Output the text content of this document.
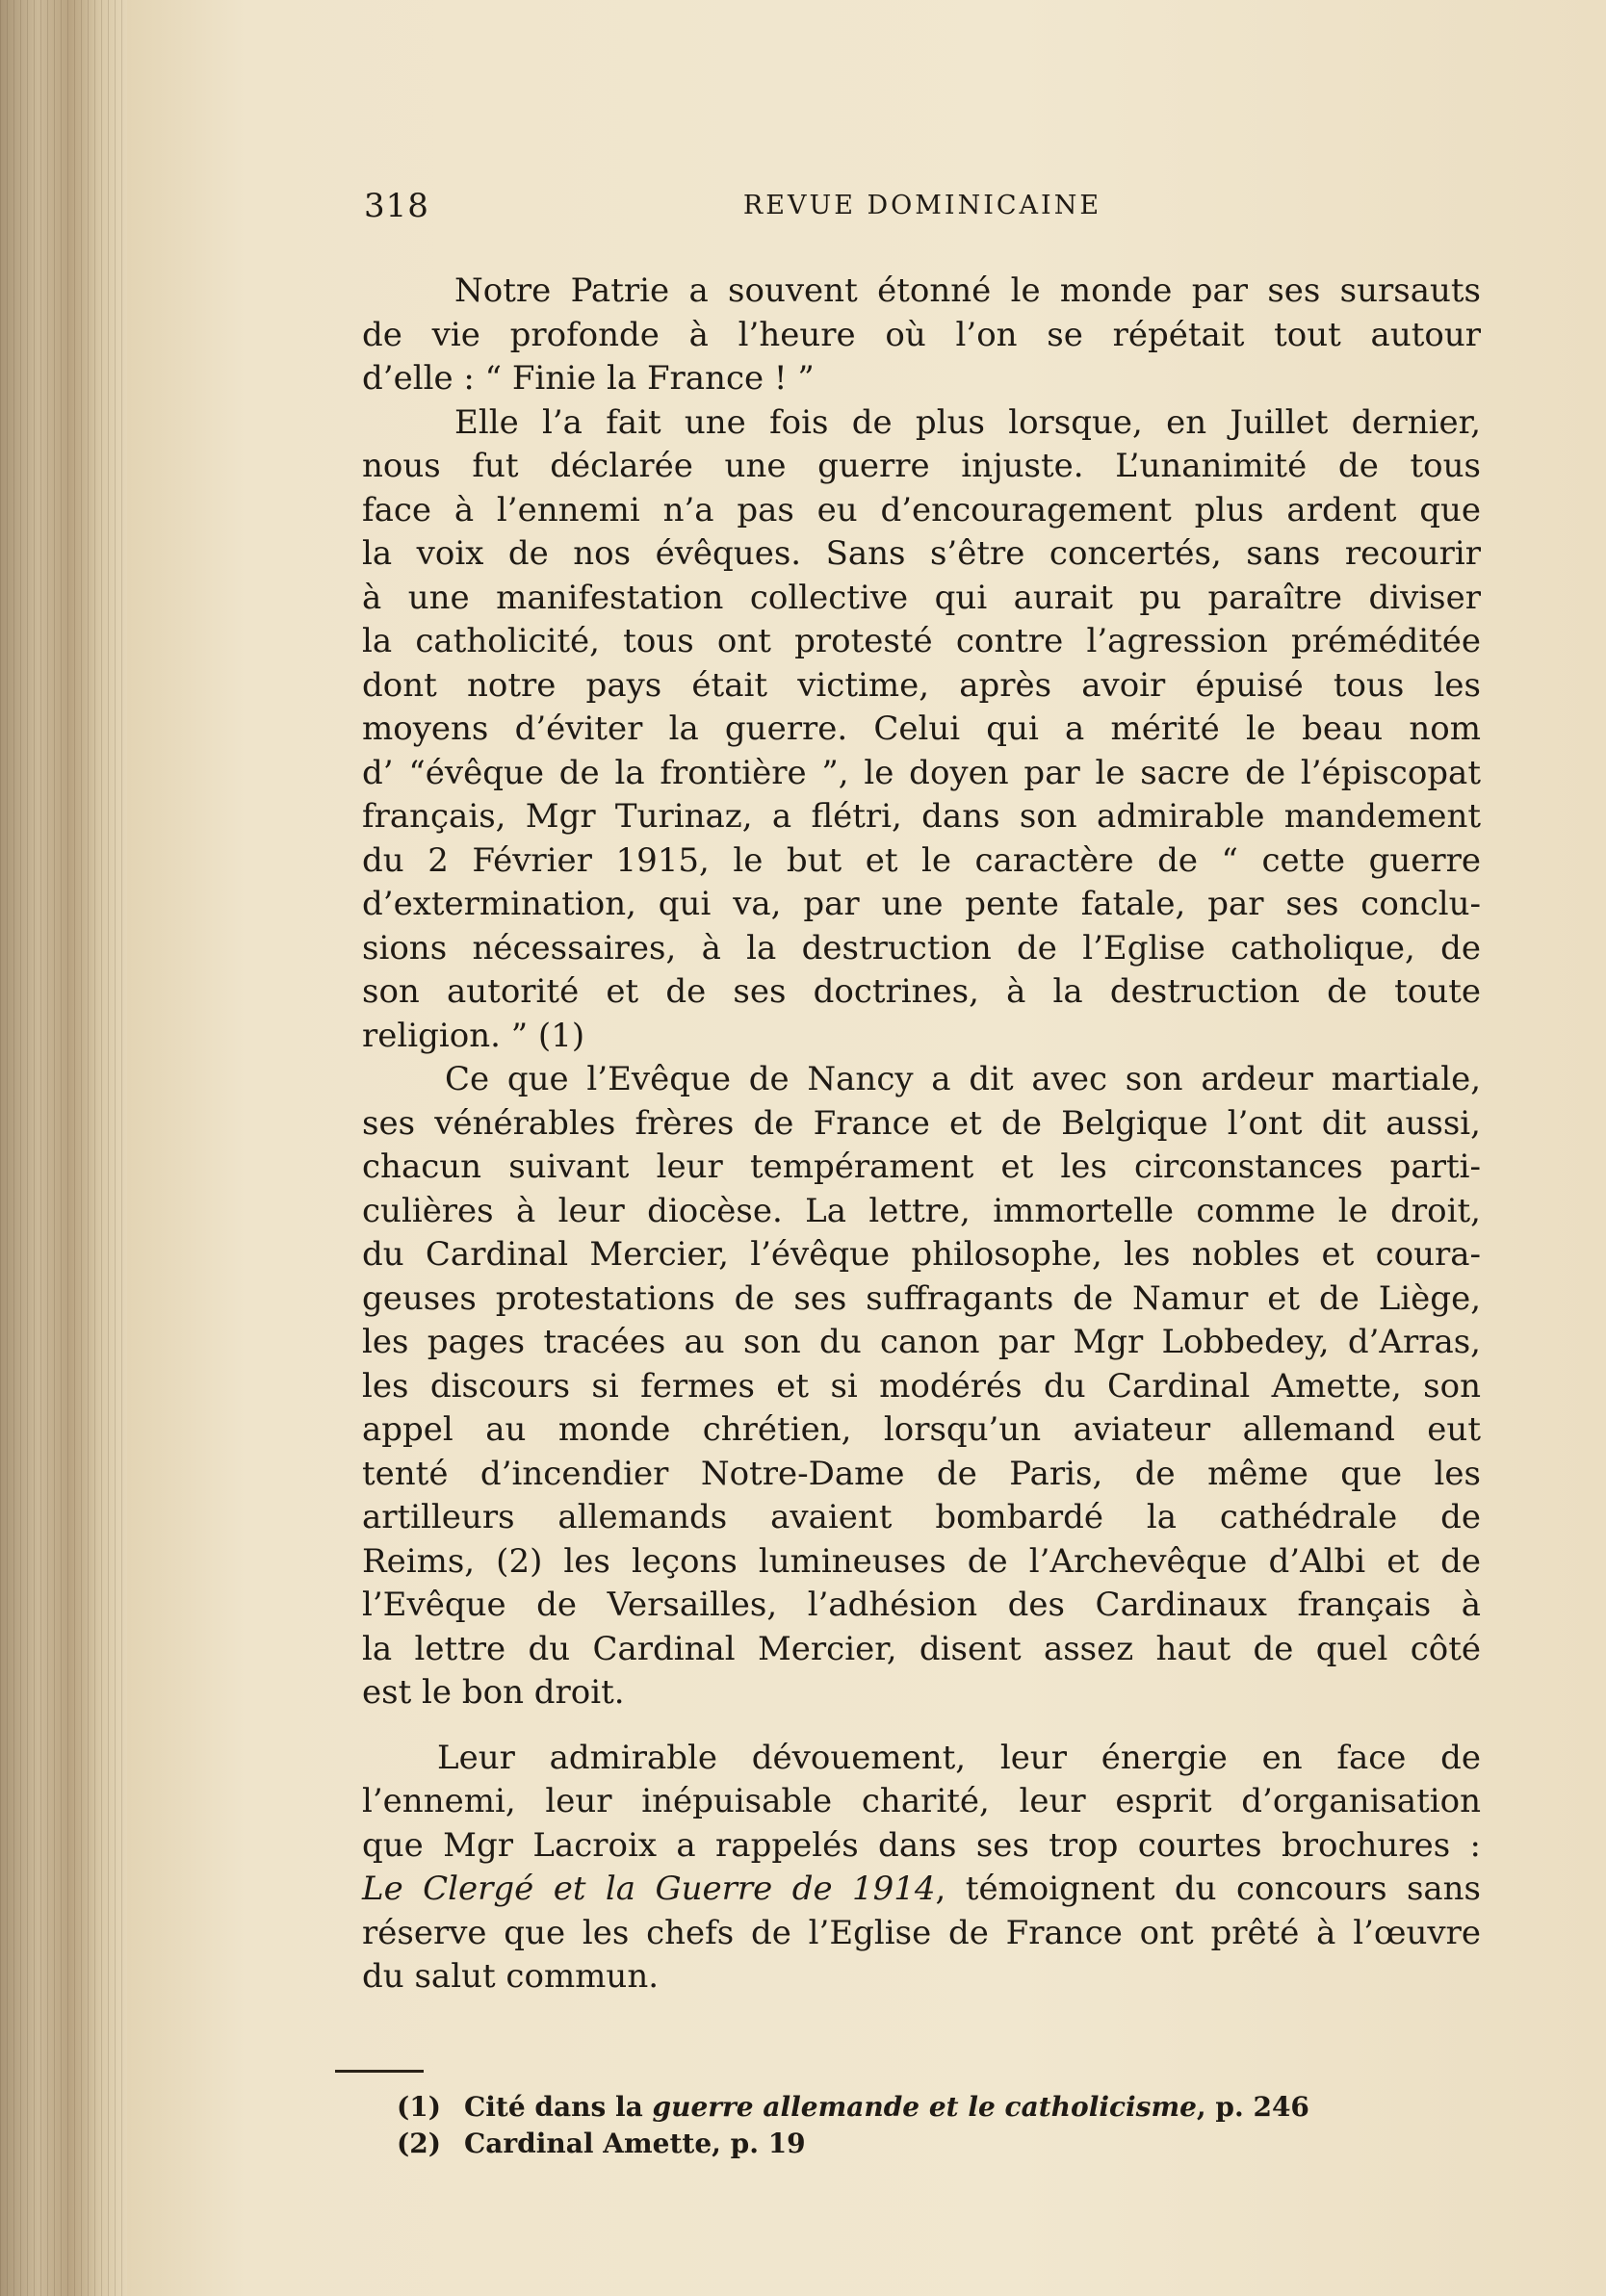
318	REVUE DOMINICAINE

Notre Patrie a souvent étonné le monde par ses sursauts
de vie profonde à l’heure où l’on se répétait tout autour
d’elle : “ Finie la France ! ”

Elle l’a fait une fois de plus lorsque, en Juillet dernier,
nous fut déclarée une guerre injuste. L’unanimité de tous
face à l’ennemi n’a pas eu d’encouragement plus ardent que
la voix de nos évêques. Sans s’être concertés, sans recourir
à une manifestation collective qui aurait pu paraître diviser
la catholicité, tous ont protesté contre l’agression préméditée
dont notre pays était victime, après avoir épuisé tous les
moyens d’éviter la guerre. Celui qui a mérité le beau nom
d’ “évêque de la frontière ”, le doyen par le sacre de l’épiscopat
français, Mgr Turinaz, a flétri, dans son admirable mandement
du 2 Février 1915, le but et le caractère de “ cette guerre
d’extermination, qui va, par une pente fatale, par ses conclu-
sions nécessaires, à la destruction de l’Eglise catholique, de
son autorité et de ses doctrines, à la destruction de toute
religion. ” (1)

Ce que l’Evêque de Nancy a dit avec son ardeur martiale,
ses vénérables frères de France et de Belgique l’ont dit aussi,
chacun suivant leur tempérament et les circonstances parti-
culières à leur diocèse. La lettre, immortelle comme le droit,
du Cardinal Mercier, l’évêque philosophe, les nobles et coura-
geuses protestations de ses suffragants de Namur et de Liège,
les pages tracées au son du canon par Mgr Lobbedey, d’Arras,
les discours si fermes et si modérés du Cardinal Amette, son
appel au monde chrétien, lorsqu’un aviateur allemand eut
tenté d’incendier Notre-Dame de Paris, de même que les
artilleurs allemands avaient bombardé la cathédrale de
Reims, (2) les leçons lumineuses de l’Archevêque d’Albi et de
l’Evêque de Versailles, l’adhésion des Cardinaux français à
la lettre du Cardinal Mercier, disent assez haut de quel côté
est le bon droit.

Leur admirable dévouement, leur énergie en face de
l’ennemi, leur inépuisable charité, leur esprit d’organisation
que Mgr Lacroix a rappelés dans ses trop courtes brochures :
Le Clergé et la Guerre de 1914, témoignent du concours sans
réserve que les chefs de l’Eglise de France ont prêté à l’œuvre
du salut commun.

(1) Cité dans la guerre allemande et le catholicisme, p. 246
(2) Cardinal Amette, p. 19
